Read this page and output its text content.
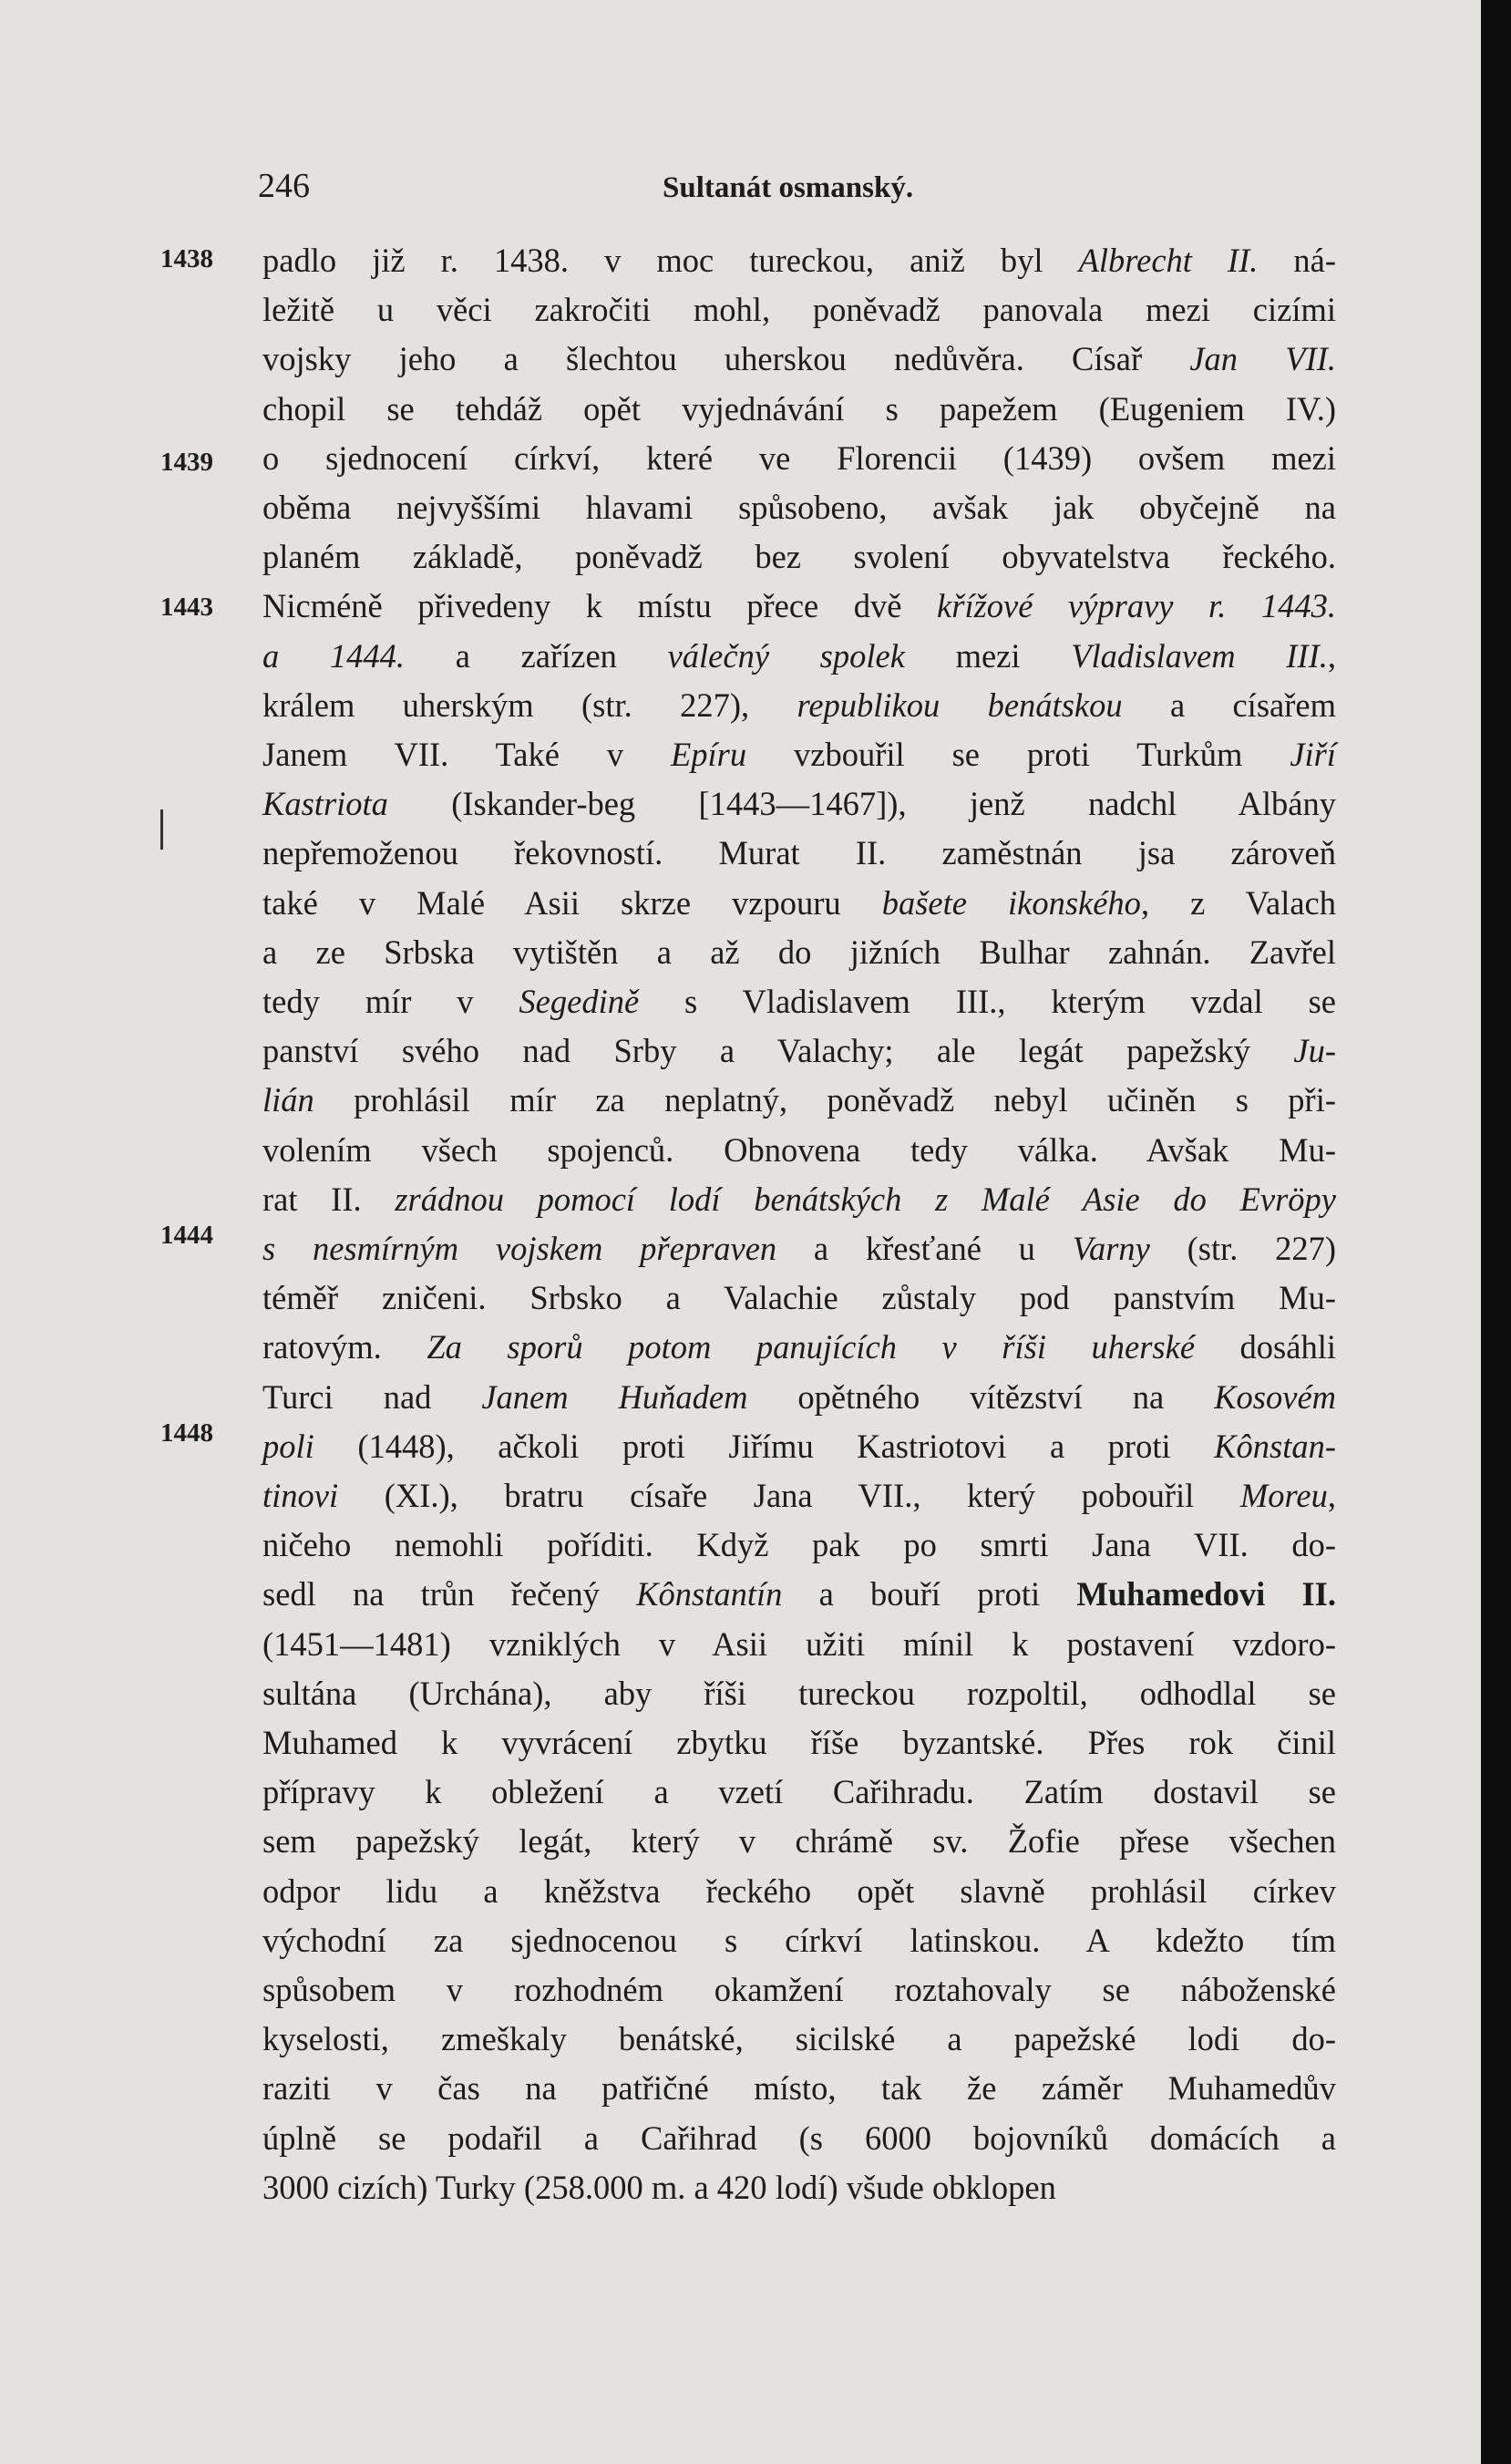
246	Sultanát osmanský.
1438
1439
1443
1444
1448
padlo již r. 1438. v moc tureckou, aniž byl Albrecht II. ná-
ležitě u věci zakročiti mohl, poněvadž panovala mezi cizími
vojsky jeho a šlechtou uherskou nedůvěra. Císař Jan VII.
chopil se tehdáž opět vyjednávání s papežem (Eugeniem IV.)
o sjednocení církví, které ve Florencii (1439) ovšem mezi
oběma nejvyššími hlavami spůsobeno, avšak jak obyčejně na
planém základě, poněvadž bez svolení obyvatelstva řeckého.
Nicméně přivedeny k místu přece dvě křížové výpravy r. 1443.
a 1444. a zařízen válečný spolek mezi Vladislavem III.,
králem uherským (str. 227), republikou benátskou a císařem
Janem VII. Také v Epíru vzbouřil se proti Turkům Jiří
Kastriota (Iskander-beg [1443—1467]), jenž nadchl Albány
nepřemoženou řekovností. Murat II. zaměstnán jsa zároveň
také v Malé Asii skrze vzpouru bašete ikonského, z Valach
a ze Srbska vytištěn a až do jižních Bulhar zahnán. Zavřel
tedy mír v Segedině s Vladislavem III., kterým vzdal se
panství svého nad Srby a Valachy; ale legát papežský Ju-
lián prohlásil mír za neplatný, poněvadž nebyl učiněn s při-
volením všech spojenců. Obnovena tedy válka. Avšak Mu-
rat II. zrádnou pomocí lodí benátských z Malé Asie do Evröpy
s nesmírným vojskem přepraven a křesťané u Varny (str. 227)
téměř zničeni. Srbsko a Valachie zůstaly pod panstvím Mu-
ratovým. Za sporů potom panujících v říši uherské dosáhli
Turci nad Janem Huňadem opětného vítězství na Kosovém
poli (1448), ačkoli proti Jiřímu Kastriotovi a proti Kônstan-
tinovi (XI.), bratru císaře Jana VII., který pobouřil Moreu,
ničeho nemohli poříditi. Když pak po smrti Jana VII. do-
sedl na trůn řečený Kônstantín a bouří proti Muhamedovi II.
(1451—1481) vzniklých v Asii užiti mínil k postavení vzdoro-
sultána (Urchána), aby říši tureckou rozpoltil, odhodlal se
Muhamed k vyvrácení zbytku říše byzantské. Přes rok činil
přípravy k obležení a vzetí Cařihradu. Zatím dostavil se
sem papežský legát, který v chrámě sv. Žofie přese všechen
odpor lidu a kněžstva řeckého opět slavně prohlásil církev
východní za sjednocenou s církví latinskou. A kdežto tím
spůsobem v rozhodném okamžení roztahovaly se náboženské
kyselosti, zmeškaly benátské, sicilské a papežské lodi do-
raziti v čas na patřičné místo, tak že záměr Muhamedův
úplně se podařil a Cařihrad (s 6000 bojovníků domácích a
3000 cizích) Turky (258.000 m. a 420 lodí) všude obklopen
